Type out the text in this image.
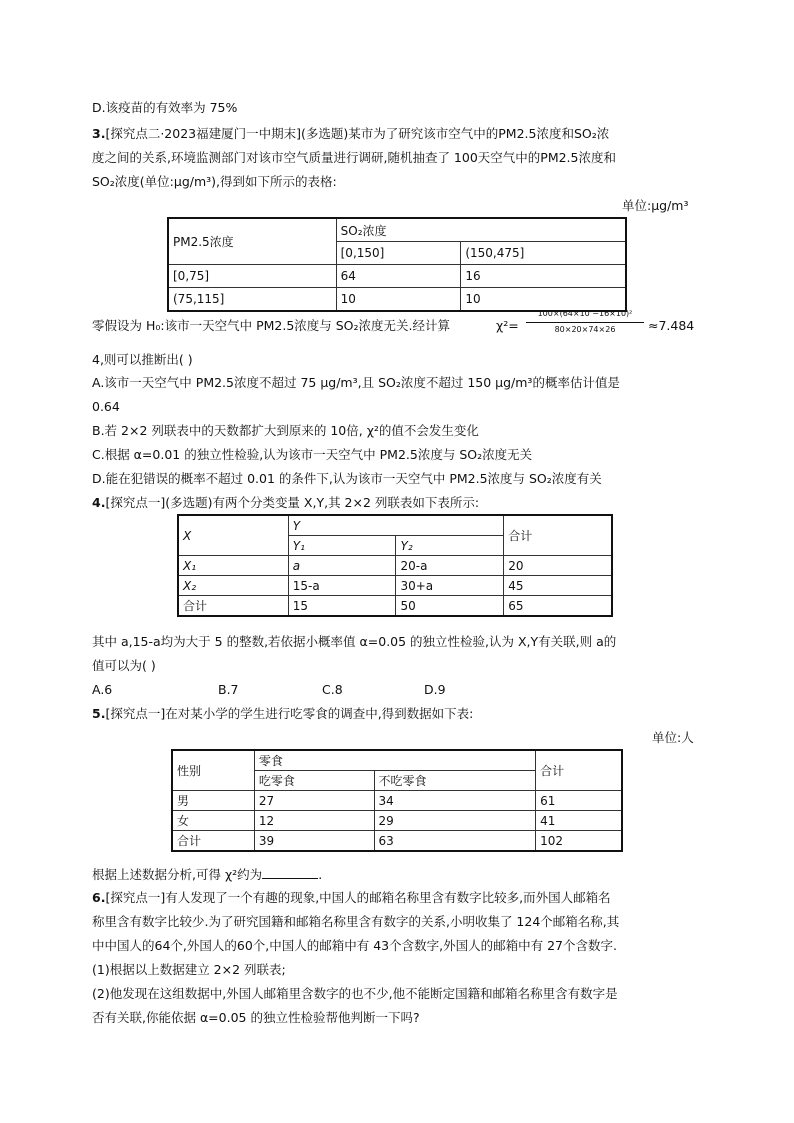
D.该疫苗的有效率为 75%
3.[探究点二·2023福建厦门一中期末](多选题)某市为了研究该市空气中的PM2.5浓度和SO₂浓
度之间的关系,环境监测部门对该市空气质量进行调研,随机抽查了 100天空气中的PM2.5浓度和
SO₂浓度(单位:μg/m³),得到如下所示的表格:
单位:μg/m³
PM2.5浓度	SO₂浓度	
	[0,150]	(150,475]
[0,75]	64	16
(75,115]	10	10
零假设为 H₀:该市一天空气中 PM2.5浓度与 SO₂浓度无关.经计算	χ²=
100×(64×10 −16×10)²
80×20×74×26	≈7.484
4,则可以推断出( )
A.该市一天空气中 PM2.5浓度不超过 75 μg/m³,且 SO₂浓度不超过 150 μg/m³的概率估计值是
0.64
B.若 2×2 列联表中的天数都扩大到原来的 10倍, χ²的值不会发生变化
C.根据 α=0.01 的独立性检验,认为该市一天空气中 PM2.5浓度与 SO₂浓度无关
D.能在犯错误的概率不超过 0.01 的条件下,认为该市一天空气中 PM2.5浓度与 SO₂浓度有关
4.[探究点一](多选题)有两个分类变量 X,Y,其 2×2 列联表如下表所示:
X	Y		合计
	Y₁	Y₂	
X₁	a	20-a	20
X₂	15-a	30+a	45
合计	15	50	65
其中 a,15-a均为大于 5 的整数,若依据小概率值 α=0.05 的独立性检验,认为 X,Y有关联,则 a的
值可以为( )
A.6	B.7	C.8	D.9
5.[探究点一]在对某小学的学生进行吃零食的调查中,得到数据如下表:
单位:人
性别	零食		合计
	吃零食	不吃零食	
男	27	34	61
女	12	29	41
合计	39	63	102
根据上述数据分析,可得 χ²约为	.
6.[探究点一]有人发现了一个有趣的现象,中国人的邮箱名称里含有数字比较多,而外国人邮箱名
称里含有数字比较少.为了研究国籍和邮箱名称里含有数字的关系,小明收集了 124个邮箱名称,其
中中国人的64个,外国人的60个,中国人的邮箱中有 43个含数字,外国人的邮箱中有 27个含数字.
(1)根据以上数据建立 2×2 列联表;
(2)他发现在这组数据中,外国人邮箱里含数字的也不少,他不能断定国籍和邮箱名称里含有数字是
否有关联,你能依据 α=0.05 的独立性检验帮他判断一下吗?
